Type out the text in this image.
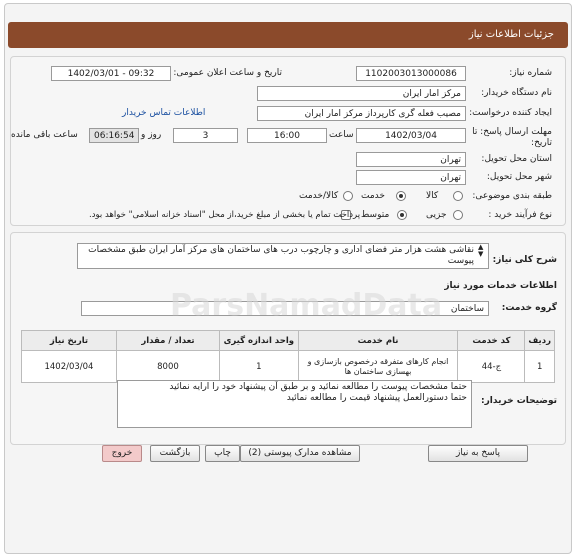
جزئیات اطلاعات نیاز
شماره نیاز:
1102003013000086
تاریخ و ساعت اعلان عمومی:
1402/03/01 - 09:32
نام دستگاه خریدار:
مرکز امار ایران
ایجاد کننده درخواست:
مصیب فعله گری کارپرداز مرکز امار ایران
اطلاعات تماس خریدار
مهلت ارسال پاسخ: تا
تاریخ:
1402/03/04
ساعت
16:00
3
روز و
06:16:54
ساعت باقی مانده
استان محل تحویل:
تهران
شهر محل تحویل:
تهران
طبقه بندی موضوعی:
کالا
خدمت
کالا/خدمت
نوع فرآیند خرید :
جزیی
متوسط
پرداخت تمام یا بخشی از مبلغ خرید،از محل "اسناد خزانه اسلامی" خواهد بود.
شرح کلی نیاز:
نقاشی هشت هزار متر فضای اداری و چارچوب درب های ساختمان های مرکز آمار ایران طبق مشخصات پیوست
▲
▼
اطلاعات خدمات مورد نیاز
گروه خدمت:
ساختمان
ردیف	کد خدمت	نام خدمت	واحد اندازه گیری	تعداد / مقدار	تاریخ نیاز
1	ج-44	انجام کارهای متفرقه درخصوص بازسازی و بهسازی ساختمان ها	1	8000	1402/03/04
توضیحات خریدار:
حتما مشخصات پیوست را مطالعه نمائید و بر طبق آن پیشنهاد خود را ارایه نمائید
حتما دستورالعمل پیشنهاد قیمت را مطالعه نمائید
ParsNamadData
پاسخ به نیاز
مشاهده مدارک پیوستی (2)
چاپ
بازگشت
خروج
